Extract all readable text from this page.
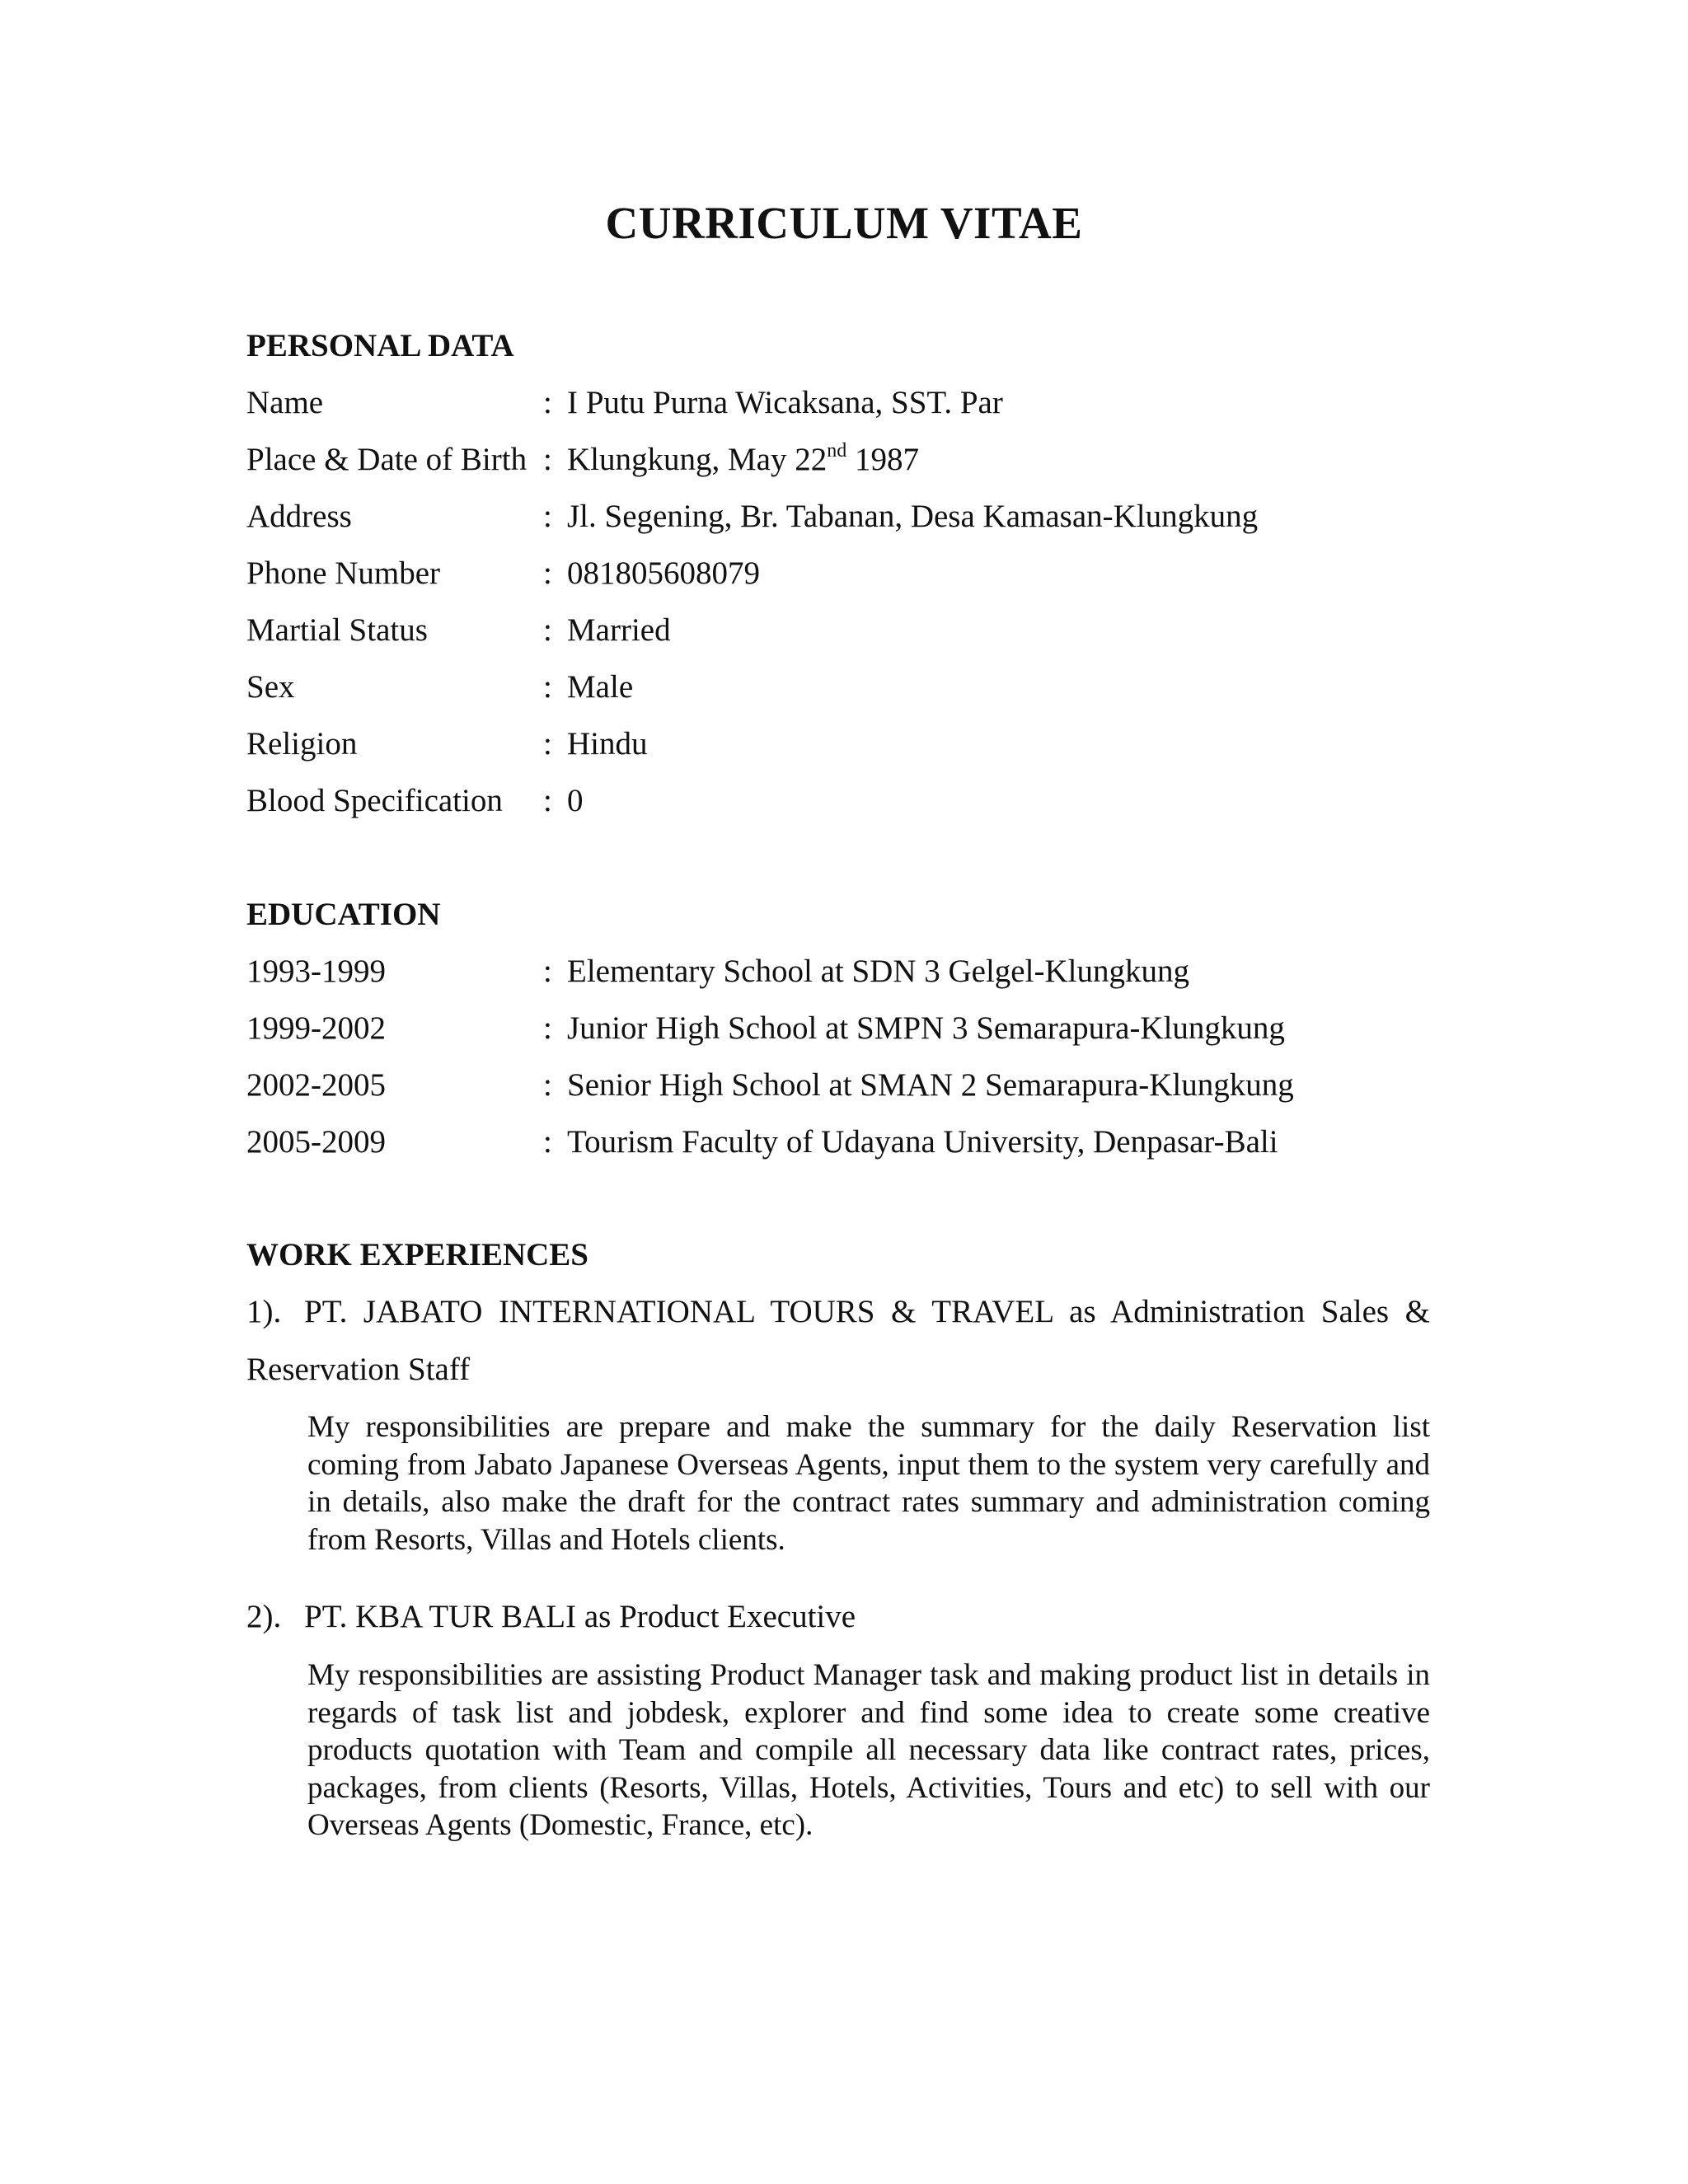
CURRICULUM VITAE
PERSONAL DATA
Name	: I Putu Purna Wicaksana, SST. Par
Place & Date of Birth : Klungkung, May 22nd 1987
Address	: Jl. Segening, Br. Tabanan, Desa Kamasan-Klungkung
Phone Number	: 081805608079
Martial Status	: Married
Sex	: Male
Religion	: Hindu
Blood Specification : 0
EDUCATION
1993-1999	: Elementary School at SDN 3 Gelgel-Klungkung
1999-2002	: Junior High School at SMPN 3 Semarapura-Klungkung
2002-2005	: Senior High School at SMAN 2 Semarapura-Klungkung
2005-2009	: Tourism Faculty of Udayana University, Denpasar-Bali
WORK EXPERIENCES
1). PT. JABATO INTERNATIONAL TOURS & TRAVEL as Administration Sales & Reservation Staff
My responsibilities are prepare and make the summary for the daily Reservation list coming from Jabato Japanese Overseas Agents, input them to the system very carefully and in details, also make the draft for the contract rates summary and administration coming from Resorts, Villas and Hotels clients.
2). PT. KBA TUR BALI as Product Executive
My responsibilities are assisting Product Manager task and making product list in details in regards of task list and jobdesk, explorer and find some idea to create some creative products quotation with Team and compile all necessary data like contract rates, prices, packages, from clients (Resorts, Villas, Hotels, Activities, Tours and etc) to sell with our Overseas Agents (Domestic, France, etc).
